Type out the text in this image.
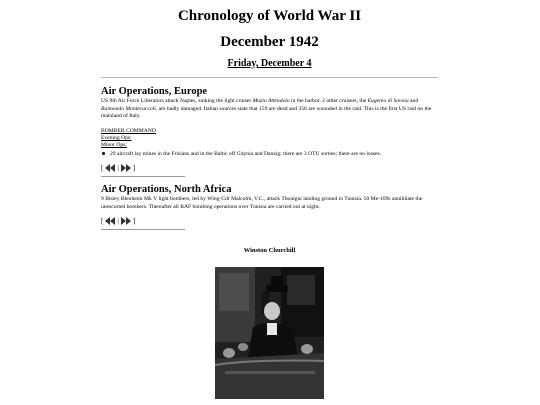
Chronology of World War II
December 1942
Friday, December 4
Air Operations, Europe

US 9th Air Force Liberators attack Naples, sinking the light cruiser Muzio Attendolo in the harbor. 2 other cruisers, the Eugenio di Savoia and Raimondo Montecuccoli, are badly damaged. Italian sources state that 159 are dead and 358 are wounded in the raid. This is the first US raid on the mainland of Italy.

BOMBER COMMAND
Evening Ops:
Minor Ops:
29 aircraft lay mines in the Frisians and in the Baltic off Gdynia and Danzig; there are 3 OTU sorties; there are no losses.
[ | ]
Air Operations, North Africa

9 Bisley Blenheim Mk V light bombers, led by Wing-Cdr Malcolm, V.C., attack Thouigui landing ground in Tunisia. 50 Me-109s annihilate the unescorted bombers. Thereafter all RAF bombing operations over Tunisia are carried out at night.

[ | ]
Winston Churchill
